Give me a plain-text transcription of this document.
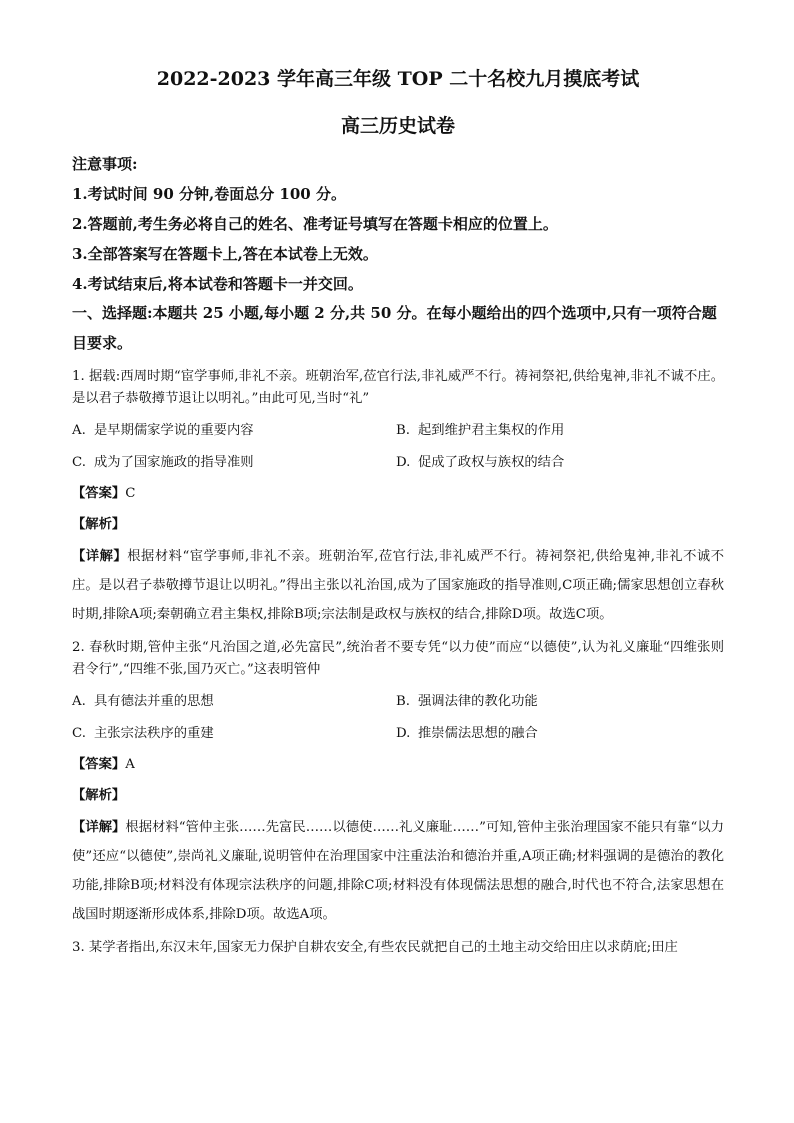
2022-2023 学年高三年级 TOP 二十名校九月摸底考试
高三历史试卷
注意事项:
1.考试时间 90 分钟,卷面总分 100 分。
2.答题前,考生务必将自己的姓名、准考证号填写在答题卡相应的位置上。
3.全部答案写在答题卡上,答在本试卷上无效。
4.考试结束后,将本试卷和答题卡一并交回。
一、选择题:本题共 25 小题,每小题 2 分,共 50 分。在每小题给出的四个选项中,只有一项符合题目要求。
1. 据载:西周时期“宦学事师,非礼不亲。班朝治军,莅官行法,非礼威严不行。祷祠祭祀,供给鬼神,非礼不诚不庄。是以君子恭敬撙节退让以明礼。”由此可见,当时“礼”
A. 是早期儒家学说的重要内容	B. 起到维护君主集权的作用
C. 成为了国家施政的指导准则	D. 促成了政权与族权的结合
【答案】C
【解析】
【详解】根据材料“宦学事师,非礼不亲。班朝治军,莅官行法,非礼威严不行。祷祠祭祀,供给鬼神,非礼不诚不庄。是以君子恭敬撙节退让以明礼。”得出主张以礼治国,成为了国家施政的指导准则,C项正确;儒家思想创立春秋时期,排除A项;秦朝确立君主集权,排除B项;宗法制是政权与族权的结合,排除D项。故选C项。
2. 春秋时期,管仲主张“凡治国之道,必先富民”,统治者不要专凭“以力使”而应“以德使”,认为礼义廉耻“四维张则君令行”,“四维不张,国乃灭亡。”这表明管仲
A. 具有德法并重的思想	B. 强调法律的教化功能
C. 主张宗法秩序的重建	D. 推崇儒法思想的融合
【答案】A
【解析】
【详解】根据材料“管仲主张……先富民……以德使……礼义廉耻……”可知,管仲主张治理国家不能只有靠“以力使”还应“以德使”,崇尚礼义廉耻,说明管仲在治理国家中注重法治和德治并重,A项正确;材料强调的是德治的教化功能,排除B项;材料没有体现宗法秩序的问题,排除C项;材料没有体现儒法思想的融合,时代也不符合,法家思想在战国时期逐渐形成体系,排除D项。故选A项。
3. 某学者指出,东汉末年,国家无力保护自耕农安全,有些农民就把自己的土地主动交给田庄以求荫庇;田庄
